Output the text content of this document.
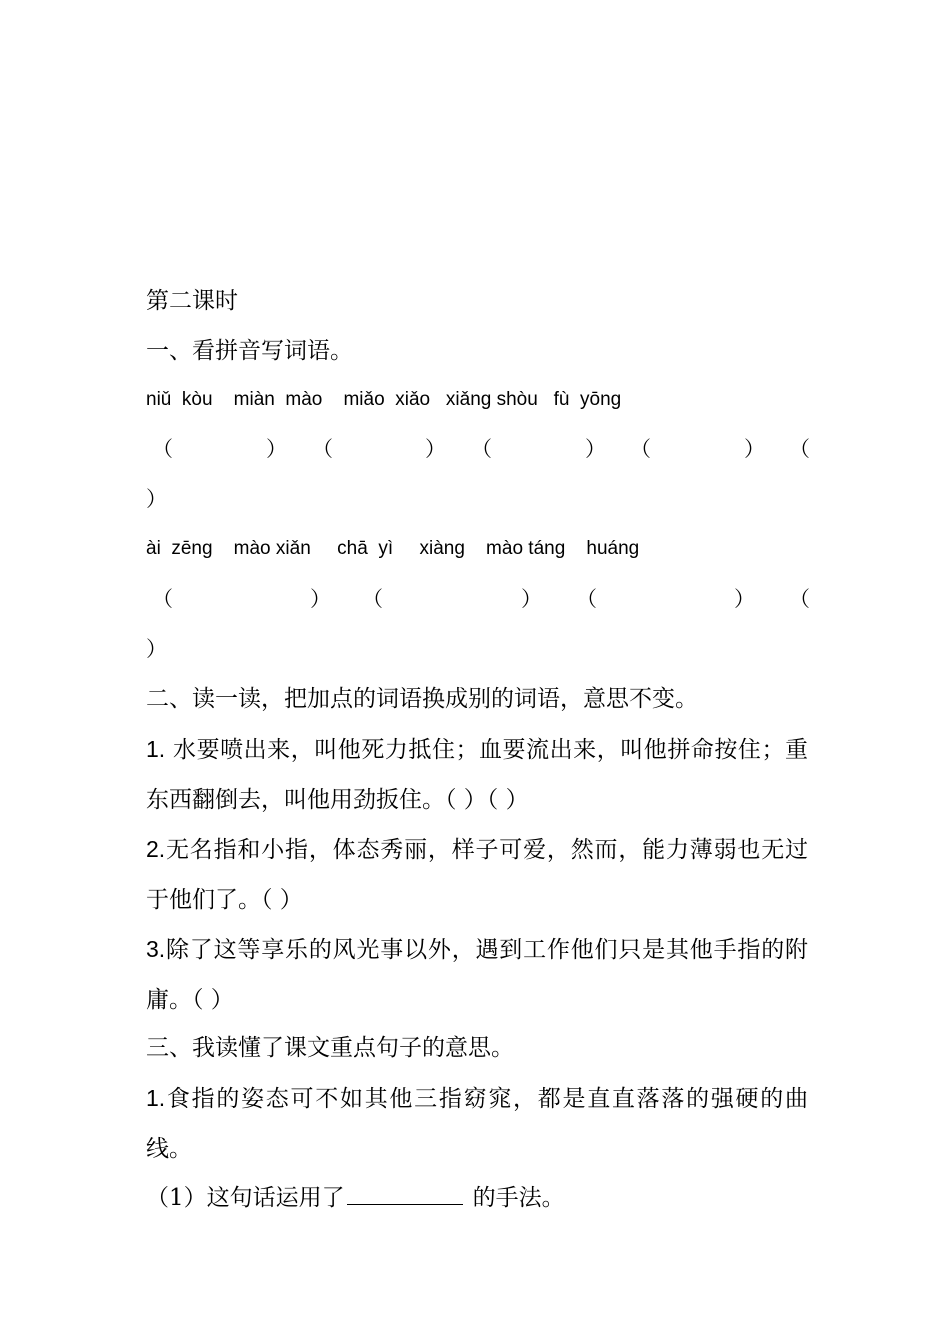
第二课时
一、看拼音写词语。
niǔ  kòu    miàn  mào    miǎo  xiǎo   xiǎng shòu   fù  yōng
（	） （	） （	） （	） （
）
ài  zēng    mào xiǎn     chā  yì     xiàng    mào táng    huáng
（	） （	） （	） （
）
二、读一读，把加点的词语换成别的词语，意思不变。
1. 水要喷出来，叫他死力抵住；血要流出来，叫他拼命按住；重东西翻倒去，叫他用劲扳住。（ ）（ ）
2.无名指和小指，体态秀丽，样子可爱，然而，能力薄弱也无过于他们了。（ ）
3.除了这等享乐的风光事以外，遇到工作他们只是其他手指的附庸。（ ）
三、我读懂了课文重点句子的意思。
1.食指的姿态可不如其他三指窈窕，都是直直落落的强硬的曲线。
（1）这句话运用了	的手法。
